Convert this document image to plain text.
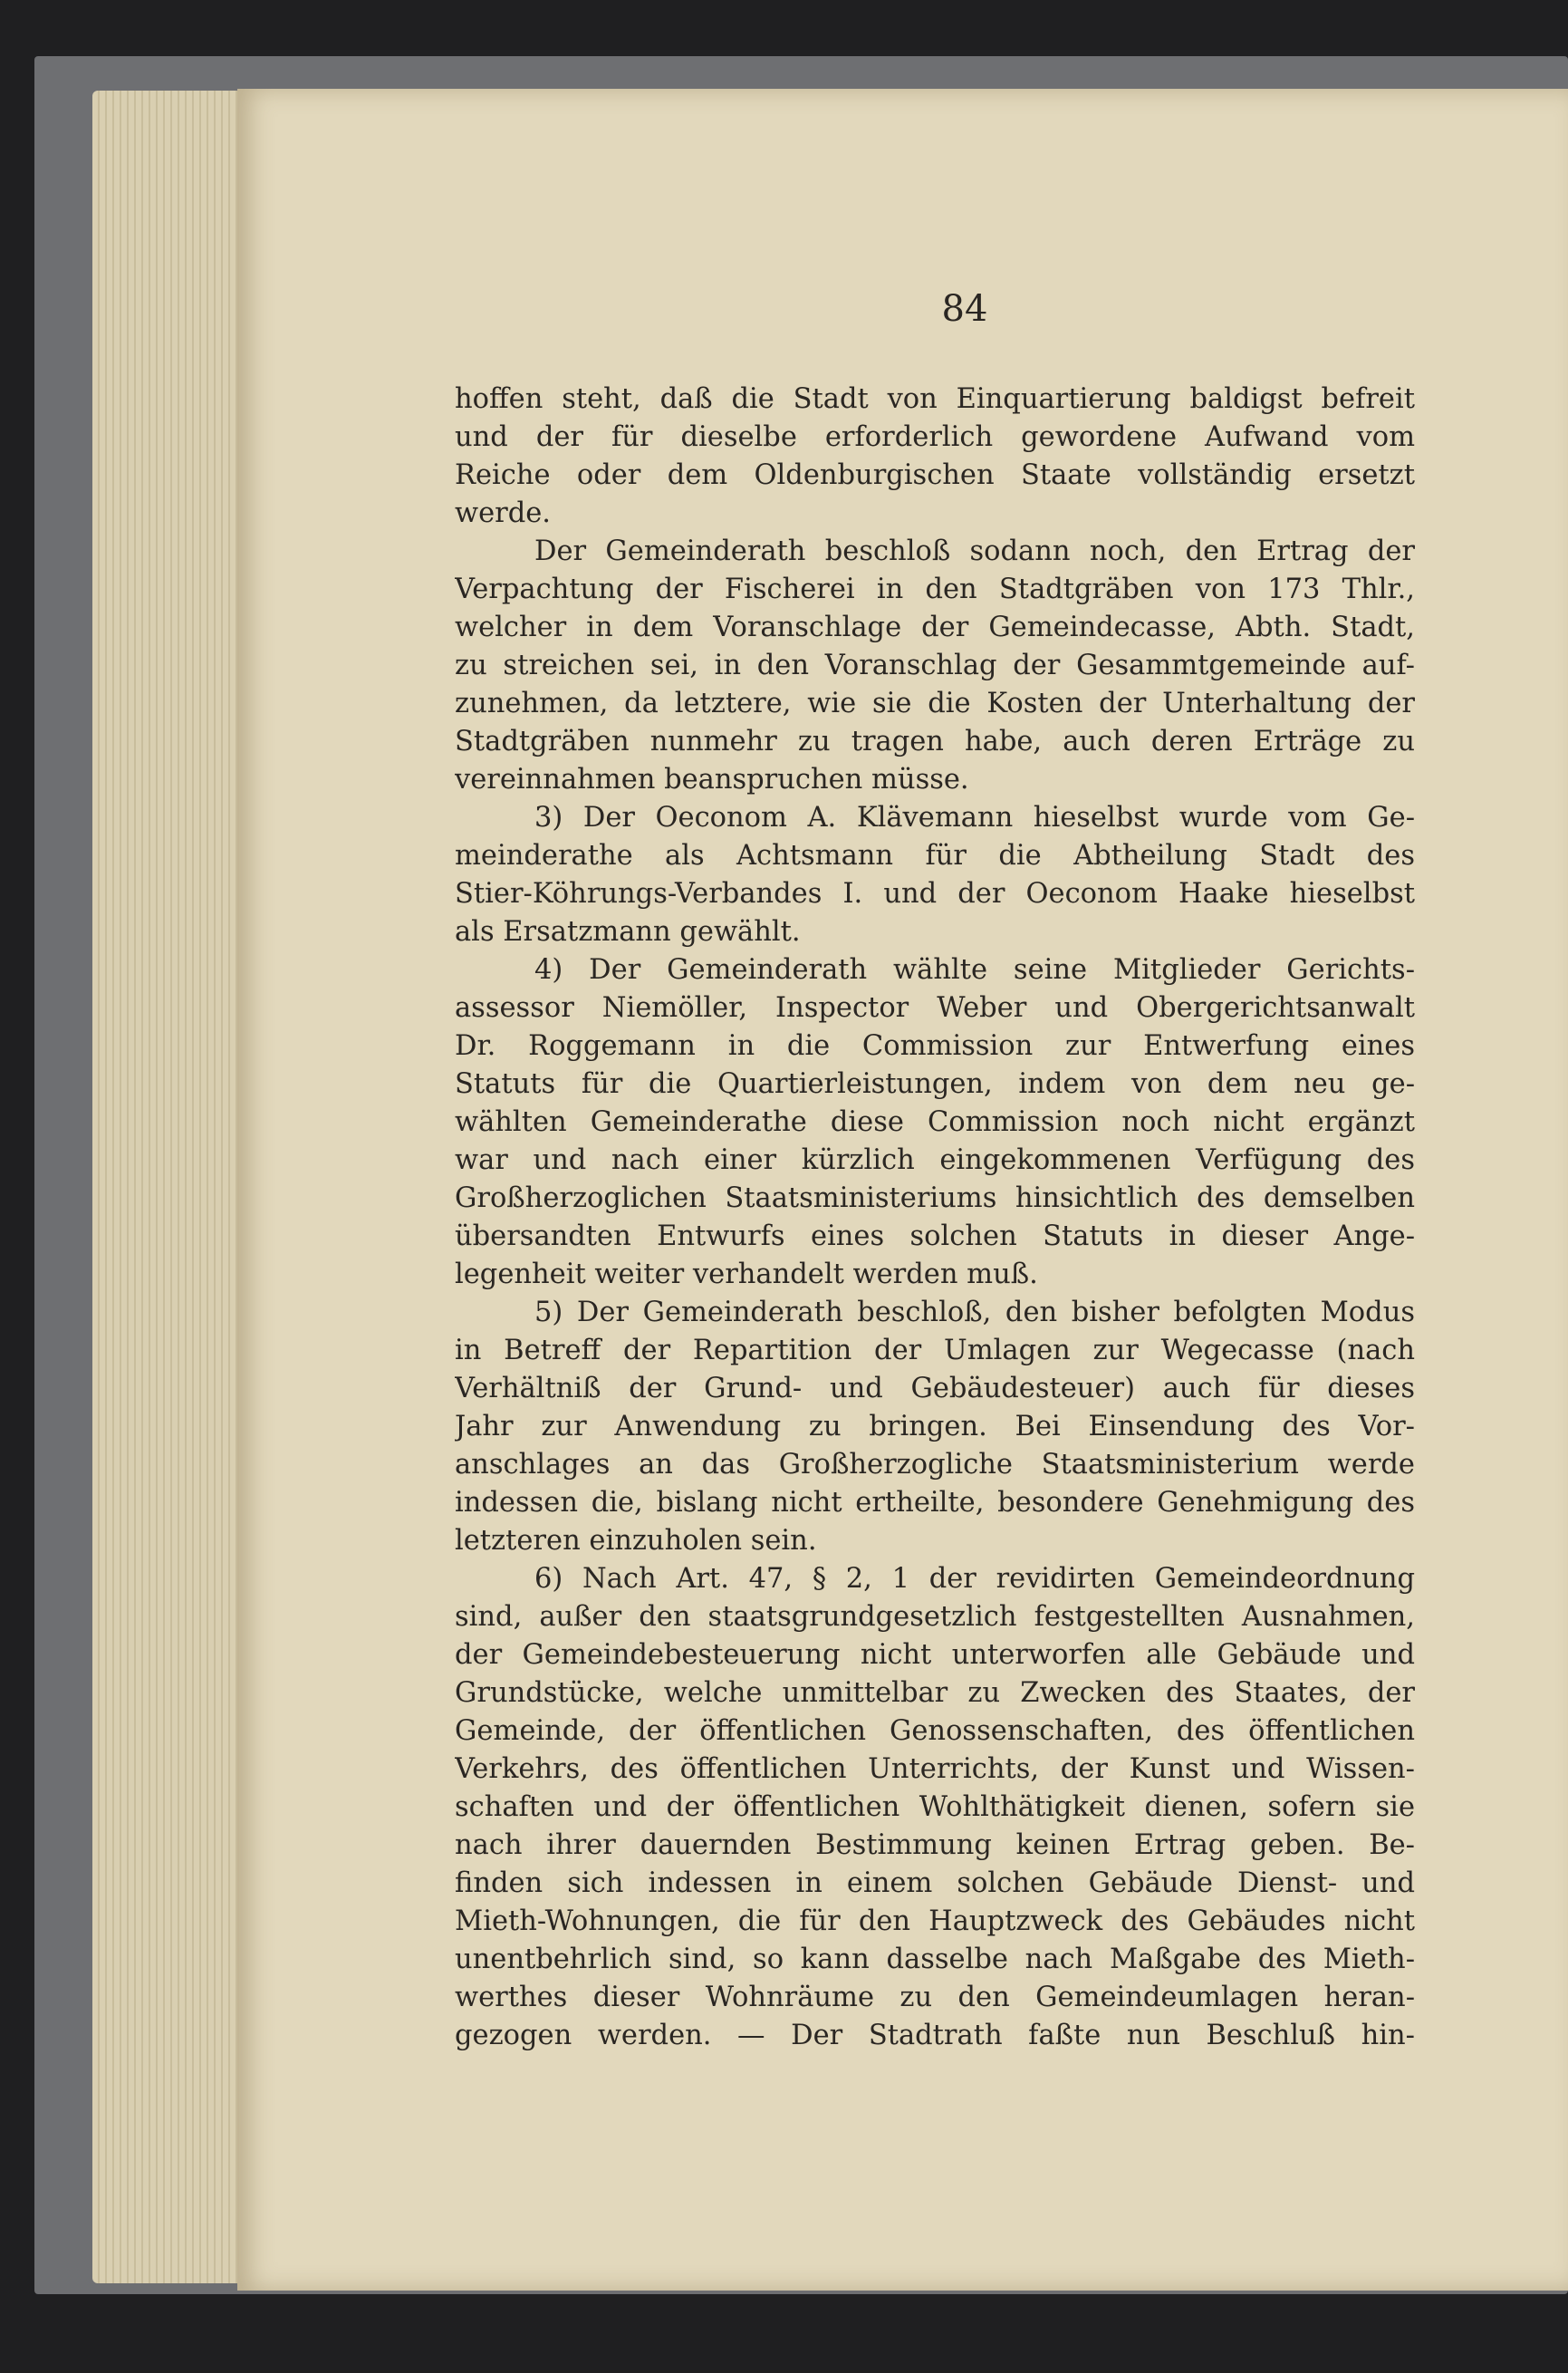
84
hoffen steht, daß die Stadt von Einquartierung baldigst befreit
und der für dieselbe erforderlich gewordene Aufwand vom
Reiche oder dem Oldenburgischen Staate vollständig ersetzt
werde.
Der Gemeinderath beschloß sodann noch, den Ertrag der
Verpachtung der Fischerei in den Stadtgräben von 173 Thlr.,
welcher in dem Voranschlage der Gemeindecasse, Abth. Stadt,
zu streichen sei, in den Voranschlag der Gesammtgemeinde auf-
zunehmen, da letztere, wie sie die Kosten der Unterhaltung der
Stadtgräben nunmehr zu tragen habe, auch deren Erträge zu
vereinnahmen beanspruchen müsse.
3) Der Oeconom A. Klävemann hieselbst wurde vom Ge-
meinderathe als Achtsmann für die Abtheilung Stadt des
Stier-Köhrungs-Verbandes I. und der Oeconom Haake hieselbst
als Ersatzmann gewählt.
4) Der Gemeinderath wählte seine Mitglieder Gerichts-
assessor Niemöller, Inspector Weber und Obergerichtsanwalt
Dr. Roggemann in die Commission zur Entwerfung eines
Statuts für die Quartierleistungen, indem von dem neu ge-
wählten Gemeinderathe diese Commission noch nicht ergänzt
war und nach einer kürzlich eingekommenen Verfügung des
Großherzoglichen Staatsministeriums hinsichtlich des demselben
übersandten Entwurfs eines solchen Statuts in dieser Ange-
legenheit weiter verhandelt werden muß.
5) Der Gemeinderath beschloß, den bisher befolgten Modus
in Betreff der Repartition der Umlagen zur Wegecasse (nach
Verhältniß der Grund- und Gebäudesteuer) auch für dieses
Jahr zur Anwendung zu bringen. Bei Einsendung des Vor-
anschlages an das Großherzogliche Staatsministerium werde
indessen die, bislang nicht ertheilte, besondere Genehmigung des
letzteren einzuholen sein.
6) Nach Art. 47, § 2, 1 der revidirten Gemeindeordnung
sind, außer den staatsgrundgesetzlich festgestellten Ausnahmen,
der Gemeindebesteuerung nicht unterworfen alle Gebäude und
Grundstücke, welche unmittelbar zu Zwecken des Staates, der
Gemeinde, der öffentlichen Genossenschaften, des öffentlichen
Verkehrs, des öffentlichen Unterrichts, der Kunst und Wissen-
schaften und der öffentlichen Wohlthätigkeit dienen, sofern sie
nach ihrer dauernden Bestimmung keinen Ertrag geben. Be-
finden sich indessen in einem solchen Gebäude Dienst- und
Mieth-Wohnungen, die für den Hauptzweck des Gebäudes nicht
unentbehrlich sind, so kann dasselbe nach Maßgabe des Mieth-
werthes dieser Wohnräume zu den Gemeindeumlagen heran-
gezogen werden. — Der Stadtrath faßte nun Beschluß hin-
